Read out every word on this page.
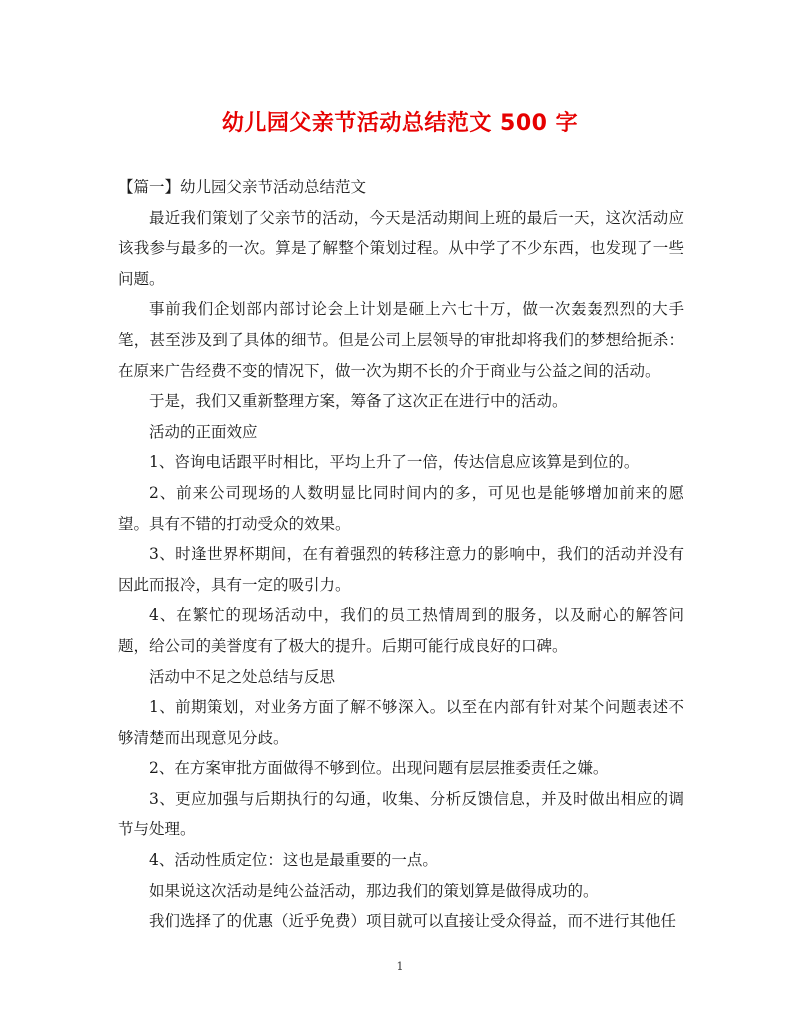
幼儿园父亲节活动总结范文 500 字

【篇一】幼儿园父亲节活动总结范文

最近我们策划了父亲节的活动，今天是活动期间上班的最后一天，这次活动应该我参与最多的一次。算是了解整个策划过程。从中学了不少东西，也发现了一些问题。

事前我们企划部内部讨论会上计划是砸上六七十万，做一次轰轰烈烈的大手笔，甚至涉及到了具体的细节。但是公司上层领导的审批却将我们的梦想给扼杀：在原来广告经费不变的情况下，做一次为期不长的介于商业与公益之间的活动。

于是，我们又重新整理方案，筹备了这次正在进行中的活动。

活动的正面效应

1、咨询电话跟平时相比，平均上升了一倍，传达信息应该算是到位的。

2、前来公司现场的人数明显比同时间内的多，可见也是能够增加前来的愿望。具有不错的打动受众的效果。

3、时逢世界杯期间，在有着强烈的转移注意力的影响中，我们的活动并没有因此而报冷，具有一定的吸引力。

4、在繁忙的现场活动中，我们的员工热情周到的服务，以及耐心的解答问题，给公司的美誉度有了极大的提升。后期可能行成良好的口碑。

活动中不足之处总结与反思

1、前期策划，对业务方面了解不够深入。以至在内部有针对某个问题表述不够清楚而出现意见分歧。

2、在方案审批方面做得不够到位。出现问题有层层推委责任之嫌。

3、更应加强与后期执行的勾通，收集、分析反馈信息，并及时做出相应的调节与处理。

4、活动性质定位：这也是最重要的一点。

如果说这次活动是纯公益活动，那边我们的策划算是做得成功的。

我们选择了的优惠（近乎免费）项目就可以直接让受众得益，而不进行其他任

1
